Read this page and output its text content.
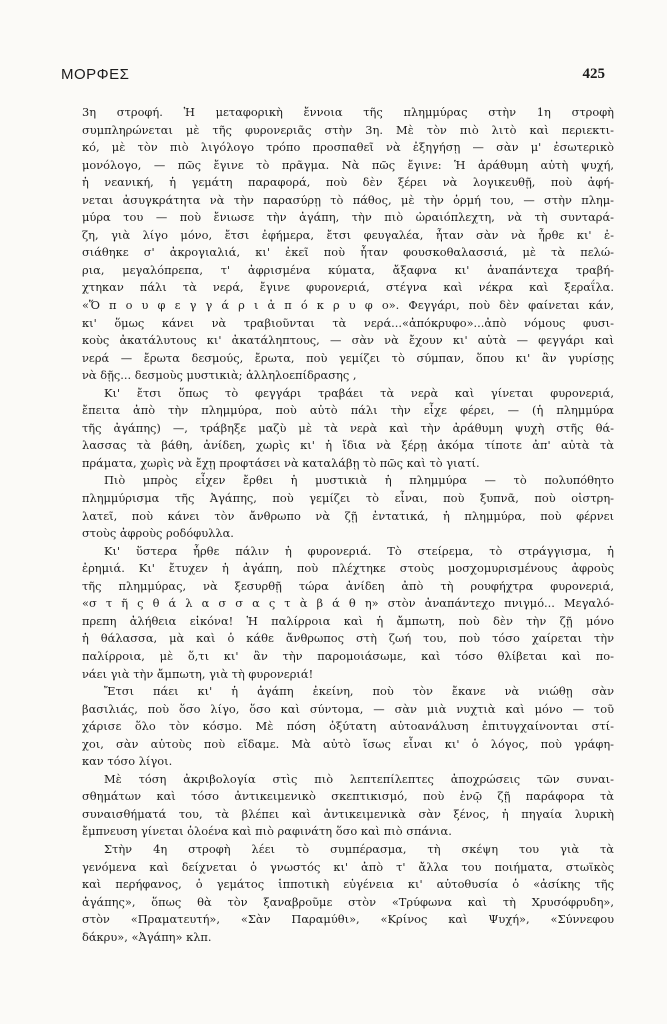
ΜΟΡΦΕΣ	425
3η στροφή. Ἡ μεταφορικὴ ἔννοια τῆς πλημμύρας στὴν 1η στροφὴ
συμπληρώνεται μὲ τῆς φυρονεριᾶς στὴν 3η. Μὲ τὸν πιὸ λιτὸ καὶ περιεκτι-
κό, μὲ τὸν πιὸ λιγόλογο τρόπο προσπαθεῖ νὰ ἐξηγήσῃ — σὰν μ' ἐσωτερικὸ
μονόλογο, — πῶς ἔγινε τὸ πρᾶγμα. Νὰ πῶς ἔγινε: Ἡ ἀράθυμη αὐτὴ ψυχή,
ἡ νεανική, ἡ γεμάτη παραφορά, ποὺ δὲν ξέρει νὰ λογικευθῇ, ποὺ ἀφή-
νεται ἀσυγκράτητα νὰ τὴν παρασύρῃ τὸ πάθος, μὲ τὴν ὁρμή του, — στὴν πλημ-
μύρα του — ποὺ ἔνιωσε τὴν ἀγάπη, τὴν πιὸ ὡραιόπλεχτη, νὰ τὴ συνταρά-
ζη, γιὰ λίγο μόνο, ἔτσι ἐφήμερα, ἔτσι φευγαλέα, ἦταν σὰν νὰ ἦρθε κι' ἐ-
σιάθηκε σ' ἀκρογιαλιά, κι' ἐκεῖ ποὺ ἦταν φουσκοθαλασσιά, μὲ τὰ πελώ-
ρια, μεγαλόπρεπα, τ' ἀφρισμένα κύματα, ἄξαφνα κι' ἀναπάντεχα τραβή-
χτηκαν πάλι τὰ νερά, ἔγινε φυρονεριά, στέγνα καὶ νέκρα καὶ ξεραΐλα.
«Ὅ π ο υ φ ε γ γ ά ρ ι ἀ π ό κ ρ υ φ ο». Φεγγάρι, ποὺ δὲν φαίνεται κάν,
κι' ὅμως κάνει νὰ τραβιοῦνται τὰ νερά...«ἀπόκρυφο»...ἀπὸ νόμους φυσι-
κοὺς ἀκατάλυτους κι' ἀκατάληπτους, — σὰν νὰ ἔχουν κι' αὐτὰ — φεγγάρι καὶ
νερά — ἔρωτα δεσμούς, ἔρωτα, ποὺ γεμίζει τὸ σύμπαν, ὅπου κι' ἂν γυρίσῃς
νὰ δῇς... δεσμοὺς μυστικιὰ; ἀλληλοεπίδρασης ,
Κι' ἔτσι ὅπως τὸ φεγγάρι τραβάει τὰ νερὰ καὶ γίνεται φυρονεριά,
ἔπειτα ἀπὸ τὴν πλημμύρα, ποὺ αὐτὸ πάλι τὴν εἶχε φέρει, — (ἡ πλημμύρα
τῆς ἀγάπης) —, τράβηξε μαζὺ μὲ τὰ νερὰ καὶ τὴν ἀράθυμη ψυχὴ στῆς θά-
λασσας τὰ βάθη, ἀνίδεη, χωρὶς κι' ἡ ἴδια νὰ ξέρῃ ἀκόμα τίποτε ἀπ' αὐτὰ τὰ
πράματα, χωρὶς νὰ ἔχῃ προφτάσει νὰ καταλάβῃ τὸ πῶς καὶ τὸ γιατί.
Πιὸ μπρὸς εἶχεν ἔρθει ἡ μυστικιὰ ἡ πλημμύρα — τὸ πολυπόθητο
πλημμύρισμα τῆς Ἀγάπης, ποὺ γεμίζει τὸ εἶναι, ποὺ ξυπνᾶ, ποὺ οἰστρη-
λατεῖ, ποὺ κάνει τὸν ἄνθρωπο νὰ ζῇ ἐντατικά, ἡ πλημμύρα, ποὺ φέρνει
στοὺς ἀφροὺς ροδόφυλλα.
Κι' ὕστερα ἦρθε πάλιν ἡ φυρονεριά. Τὸ στείρεμα, τὸ στράγγισμα, ἡ
ἐρημιά. Κι' ἔτυχεν ἡ ἀγάπη, ποὺ πλέχτηκε στοὺς μοσχομυρισμένους ἀφροὺς
τῆς πλημμύρας, νὰ ξεσυρθῇ τώρα ἀνίδεη ἀπὸ τὴ ρουφήχτρα φυρονεριά,
«σ τ ῆ ς θ ά λ α σ σ α ς τ ὰ β ά θ η» στὸν ἀναπάντεχο πνιγμό... Μεγαλό-
πρεπη ἀλήθεια εἰκόνα! Ἡ παλίρροια καὶ ἡ ἄμπωτη, ποὺ δὲν τὴν ζῇ μόνο
ἡ θάλασσα, μὰ καὶ ὁ κάθε ἄνθρωπος στὴ ζωή του, ποὺ τόσο χαίρεται τὴν
παλίρροια, μὲ ὅ,τι κι' ἂν τὴν παρομοιάσωμε, καὶ τόσο θλίβεται καὶ πο-
νάει γιὰ τὴν ἄμπωτη, γιὰ τὴ φυρονεριά!
Ἔτσι πάει κι' ἡ ἀγάπη ἐκείνη, ποὺ τὸν ἔκανε νὰ νιώθῃ σὰν
βασιλιάς, ποὺ ὅσο λίγο, ὅσο καὶ σύντομα, — σὰν μιὰ νυχτιὰ καὶ μόνο — τοῦ
χάρισε ὅλο τὸν κόσμο. Μὲ πόση ὀξύτατη αὐτοανάλυση ἐπιτυγχαίνονται στί-
χοι, σὰν αὐτοὺς ποὺ εἴδαμε. Μὰ αὐτὸ ἴσως εἶναι κι' ὁ λόγος, ποὺ γράφη-
καν τόσο λίγοι.
Μὲ τόση ἀκριβολογία στὶς πιὸ λεπτεπίλεπτες ἀποχρώσεις τῶν συναι-
σθημάτων καὶ τόσο ἀντικειμενικὸ σκεπτικισμό, ποὺ ἐνῷ ζῇ παράφορα τὰ
συναισθήματά του, τὰ βλέπει καὶ ἀντικειμενικὰ σὰν ξένος, ἡ πηγαία λυρικὴ
ἔμπνευση γίνεται ὁλοένα καὶ πιὸ ραφινάτη ὅσο καὶ πιὸ σπάνια.
Στὴν 4η στροφὴ λέει τὸ συμπέρασμα, τὴ σκέψη του γιὰ τὰ
γενόμενα καὶ δείχνεται ὁ γνωστός κι' ἀπὸ τ' ἄλλα του ποιήματα, στωϊκὸς
καὶ περήφανος, ὁ γεμάτος ἱπποτικὴ εὐγένεια κι' αὐτοθυσία ὁ «ἀσίκης τῆς
ἀγάπης», ὅπως θὰ τὸν ξαναβροῦμε στὸν «Τρύφωνα καὶ τὴ Χρυσόφρυδη»,
στὸν «Πραματευτή», «Σὰν Παραμύθι», «Κρίνος καὶ Ψυχή», «Σύννεφου
δάκρυ», «Ἀγάπη» κλπ.
